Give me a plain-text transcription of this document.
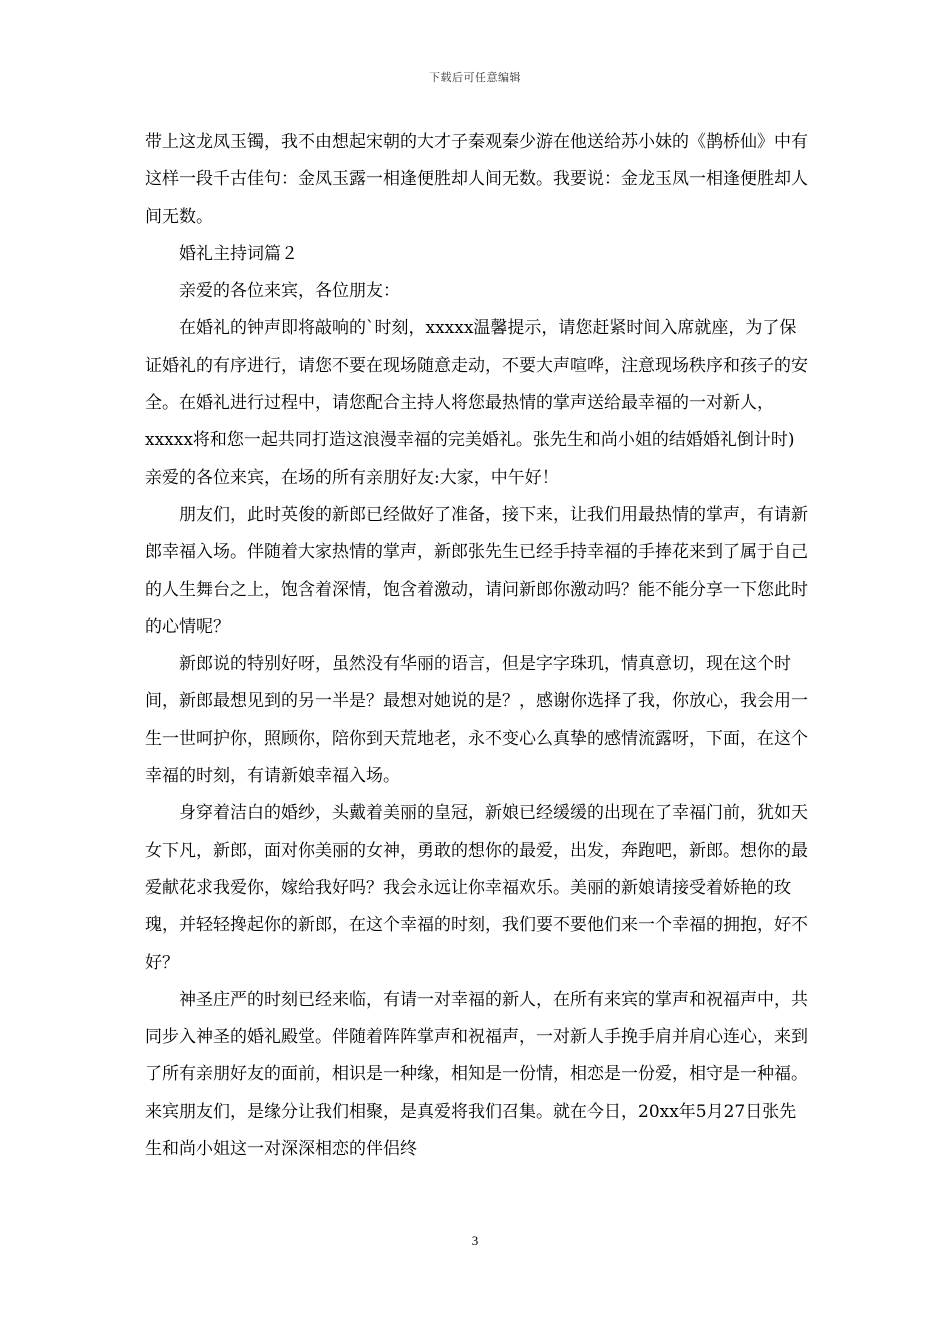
下载后可任意编辑

带上这龙凤玉镯，我不由想起宋朝的大才子秦观秦少游在他送给苏小妹的《鹊桥仙》中有这样一段千古佳句：金凤玉露一相逢便胜却人间无数。我要说：金龙玉凤一相逢便胜却人间无数。

婚礼主持词篇２

亲爱的各位来宾，各位朋友：

在婚礼的钟声即将敲响的`时刻，xxxxx温馨提示，请您赶紧时间入席就座，为了保证婚礼的有序进行，请您不要在现场随意走动，不要大声喧哗，注意现场秩序和孩子的安全。在婚礼进行过程中，请您配合主持人将您最热情的掌声送给最幸福的一对新人，xxxxx将和您一起共同打造这浪漫幸福的完美婚礼。张先生和尚小姐的结婚婚礼倒计时)亲爱的各位来宾，在场的所有亲朋好友:大家，中午好！

朋友们，此时英俊的新郎已经做好了准备，接下来，让我们用最热情的掌声，有请新郎幸福入场。伴随着大家热情的掌声，新郎张先生已经手持幸福的手捧花来到了属于自己的人生舞台之上，饱含着深情，饱含着激动，请问新郎你激动吗？能不能分享一下您此时的心情呢？

新郎说的特别好呀，虽然没有华丽的语言，但是字字珠玑，情真意切，现在这个时间，新郎最想见到的另一半是？最想对她说的是？，感谢你选择了我，你放心，我会用一生一世呵护你，照顾你，陪你到天荒地老，永不变心么真挚的感情流露呀，下面，在这个幸福的时刻，有请新娘幸福入场。

身穿着洁白的婚纱，头戴着美丽的皇冠，新娘已经缓缓的出现在了幸福门前，犹如天女下凡，新郎，面对你美丽的女神，勇敢的想你的最爱，出发，奔跑吧，新郎。想你的最爱献花求我爱你，嫁给我好吗？我会永远让你幸福欢乐。美丽的新娘请接受着娇艳的玫瑰，并轻轻搀起你的新郎，在这个幸福的时刻，我们要不要他们来一个幸福的拥抱，好不好？

神圣庄严的时刻已经来临，有请一对幸福的新人，在所有来宾的掌声和祝福声中，共同步入神圣的婚礼殿堂。伴随着阵阵掌声和祝福声，一对新人手挽手肩并肩心连心，来到了所有亲朋好友的面前，相识是一种缘，相知是一份情，相恋是一份爱，相守是一种福。来宾朋友们，是缘分让我们相聚，是真爱将我们召集。就在今日，20xx年5月27日张先生和尚小姐这一对深深相恋的伴侣终

3
